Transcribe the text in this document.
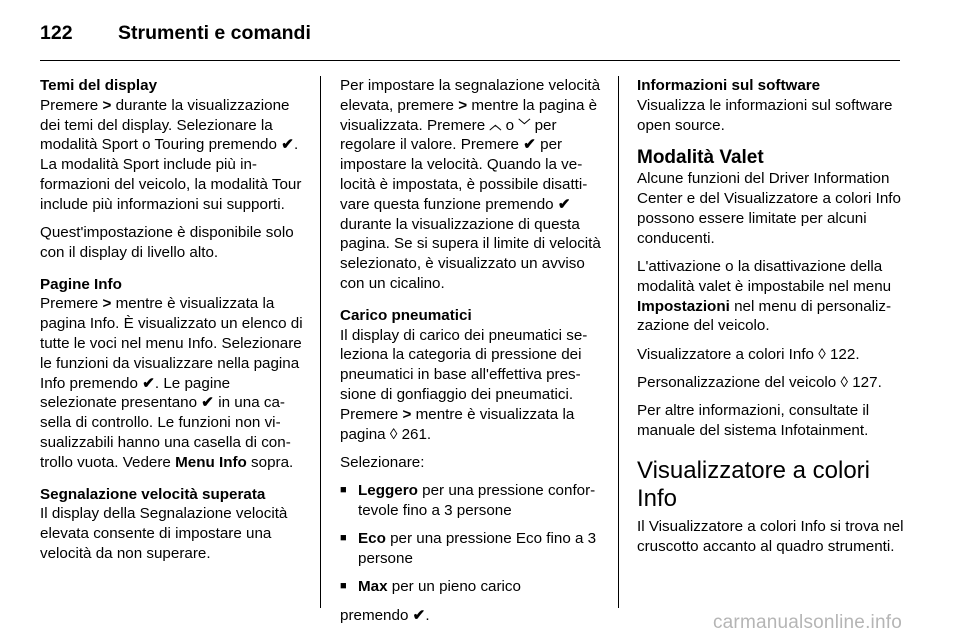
122	Strumenti e comandi
Temi del display

Premere > durante la visualizzazione dei temi del display. Selezionare la modalità Sport o Touring premendo ✔. La modalità Sport include più informazioni del veicolo, la modalità Tour include più informazioni sui supporti.

Quest'impostazione è disponibile solo con il display di livello alto.

Pagine Info

Premere > mentre è visualizzata la pagina Info. È visualizzato un elenco di tutte le voci nel menu Info. Selezionare le funzioni da visualizzare nella pagina Info premendo ✔. Le pagine selezionate presentano ✔ in una casella di controllo. Le funzioni non visualizzabili hanno una casella di controllo vuota. Vedere Menu Info sopra.

Segnalazione velocità superata

Il display della Segnalazione velocità elevata consente di impostare una velocità da non superare.

Per impostare la segnalazione velocità elevata, premere > mentre la pagina è visualizzata. Premere ︿ o ﹀ per regolare il valore. Premere ✔ per impostare la velocità. Quando la velocità è impostata, è possibile disattivare questa funzione premendo ✔ durante la visualizzazione di questa pagina. Se si supera il limite di velocità selezionato, è visualizzato un avviso con un cicalino.

Carico pneumatici

Il display di carico dei pneumatici seleziona la categoria di pressione dei pneumatici in base all'effettiva pressione di gonfiaggio dei pneumatici. Premere > mentre è visualizzata la pagina ◊ 261.

Selezionare:

■ Leggero per una pressione confortevole fino a 3 persone
■ Eco per una pressione Eco fino a 3 persone
■ Max per un pieno carico

premendo ✔.

Informazioni sul software

Visualizza le informazioni sul software open source.

Modalità Valet

Alcune funzioni del Driver Information Center e del Visualizzatore a colori Info possono essere limitate per alcuni conducenti.

L'attivazione o la disattivazione della modalità valet è impostabile nel menu Impostazioni nel menu di personalizzazione del veicolo.

Visualizzatore a colori Info ◊ 122.

Personalizzazione del veicolo ◊ 127.

Per altre informazioni, consultate il manuale del sistema Infotainment.

Visualizzatore a colori Info

Il Visualizzatore a colori Info si trova nel cruscotto accanto al quadro strumenti.

carmanualsonline.info
